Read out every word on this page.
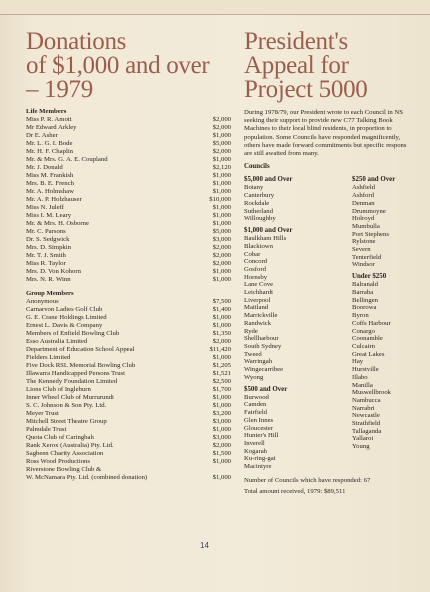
Donations
of $1,000 and over
– 1979
Life Members
Miss P. R. Amott	$2,000
Mr Edward Arkley	$2,000
Dr E. Asher	$1,000
Mr. L. G. I. Bode	$5,000
Mr. H. F. Chaplin	$2,000
Mr. & Mrs. G. A. E. Coupland	$1,000
Mr. J. Donald	$2,120
Miss M. Frankish	$1,000
Mrs. B. E. French	$1,000
Mr. A. Holmshaw	$1,000
Mr. A. P. Holzhauser	$10,000
Miss N. Juleff	$1,000
Miss I. M. Leary	$1,000
Mr. & Mrs. H. Osborne	$1,000
Mr. C. Parsons	$5,000
Dr. S. Sedgwick	$3,000
Mrs. D. Simpkin	$2,000
Mr. T. J. Smith	$2,000
Miss R. Taylor	$2,000
Mrs. D. Von Kohorn	$1,000
Mrs. N. R. Winn	$1,000
Group Members
Anonymous	$7,500
Carnarvon Ladies Golf Club	$1,400
G. E. Crane Holdings Limited	$1,000
Ernest L. Davis & Company	$1,000
Members of Enfield Bowling Club	$1,350
Esso Australia Limited	$2,000
Department of Education School Appeal	$11,420
Fielders Limited	$1,000
Five Dock RSL Memorial Bowling Club	$1,205
Illawarra Handicapped Persons Trust	$1,521
The Kennedy Foundation Limited	$2,500
Lions Club of Ingleburn	$1,700
Inner Wheel Club of Murrurundi	$1,000
S. C. Johnson & Son Pty. Ltd.	$1,000
Meyer Trust	$3,200
Mitchell Street Theatre Group	$3,000
Palmdale Trust	$1,000
Quota Club of Caringbah	$3,000
Rank Xerox (Australia) Pty. Ltd.	$2,000
Sagbeen Charity Association	$1,500
Ross Wood Productions	$1,000
Riverstone Bowling Club &
W. McNamara Pty. Ltd. (combined donation)	$1,000
President's
Appeal for
Project 5000
During 1978/79, our President wrote to each Council in NS
seeking their support to provide new C77 Talking Book
Machines to their local blind residents, in proportion to
population. Some Councils have responded magnificently,
others have made forward commitments but specific respons
are still awaited from many.
Councils
$5,000 and Over
Botany
Canterbury
Rockdale
Sutherland
Willoughby
$1,000 and Over
Baulkham Hills
Blacktown
Cobar
Concord
Gosford
Hornsby
Lane Cove
Leichhardt
Liverpool
Maitland
Marrickville
Randwick
Ryde
Shellharbour
South Sydney
Tweed
Warringah
Wingecarribee
Wyong
$500 and Over
Burwood
Camden
Fairfield
Glen Innes
Gloucester
Hunter's Hill
Inverell
Kogarah
Ku-ring-gai
Macintyre
$250 and Over
Ashfield
Ashford
Denman
Drummoyne
Holroyd
Mumbulla
Port Stephens
Rylstone
Severn
Tenterfield
Windsor
Under $250
Balranald
Barraba
Bellingen
Boorowa
Byron
Coffs Harbour
Conargo
Coonamble
Culcairn
Great Lakes
Hay
Hurstville
Illabo
Manilla
Muswellbrook
Nambucca
Narrabri
Newcastle
Strathfield
Tallaganda
Yallaroi
Young
Number of Councils which have responded: 67
Total amount received, 1979: $89,511
14
